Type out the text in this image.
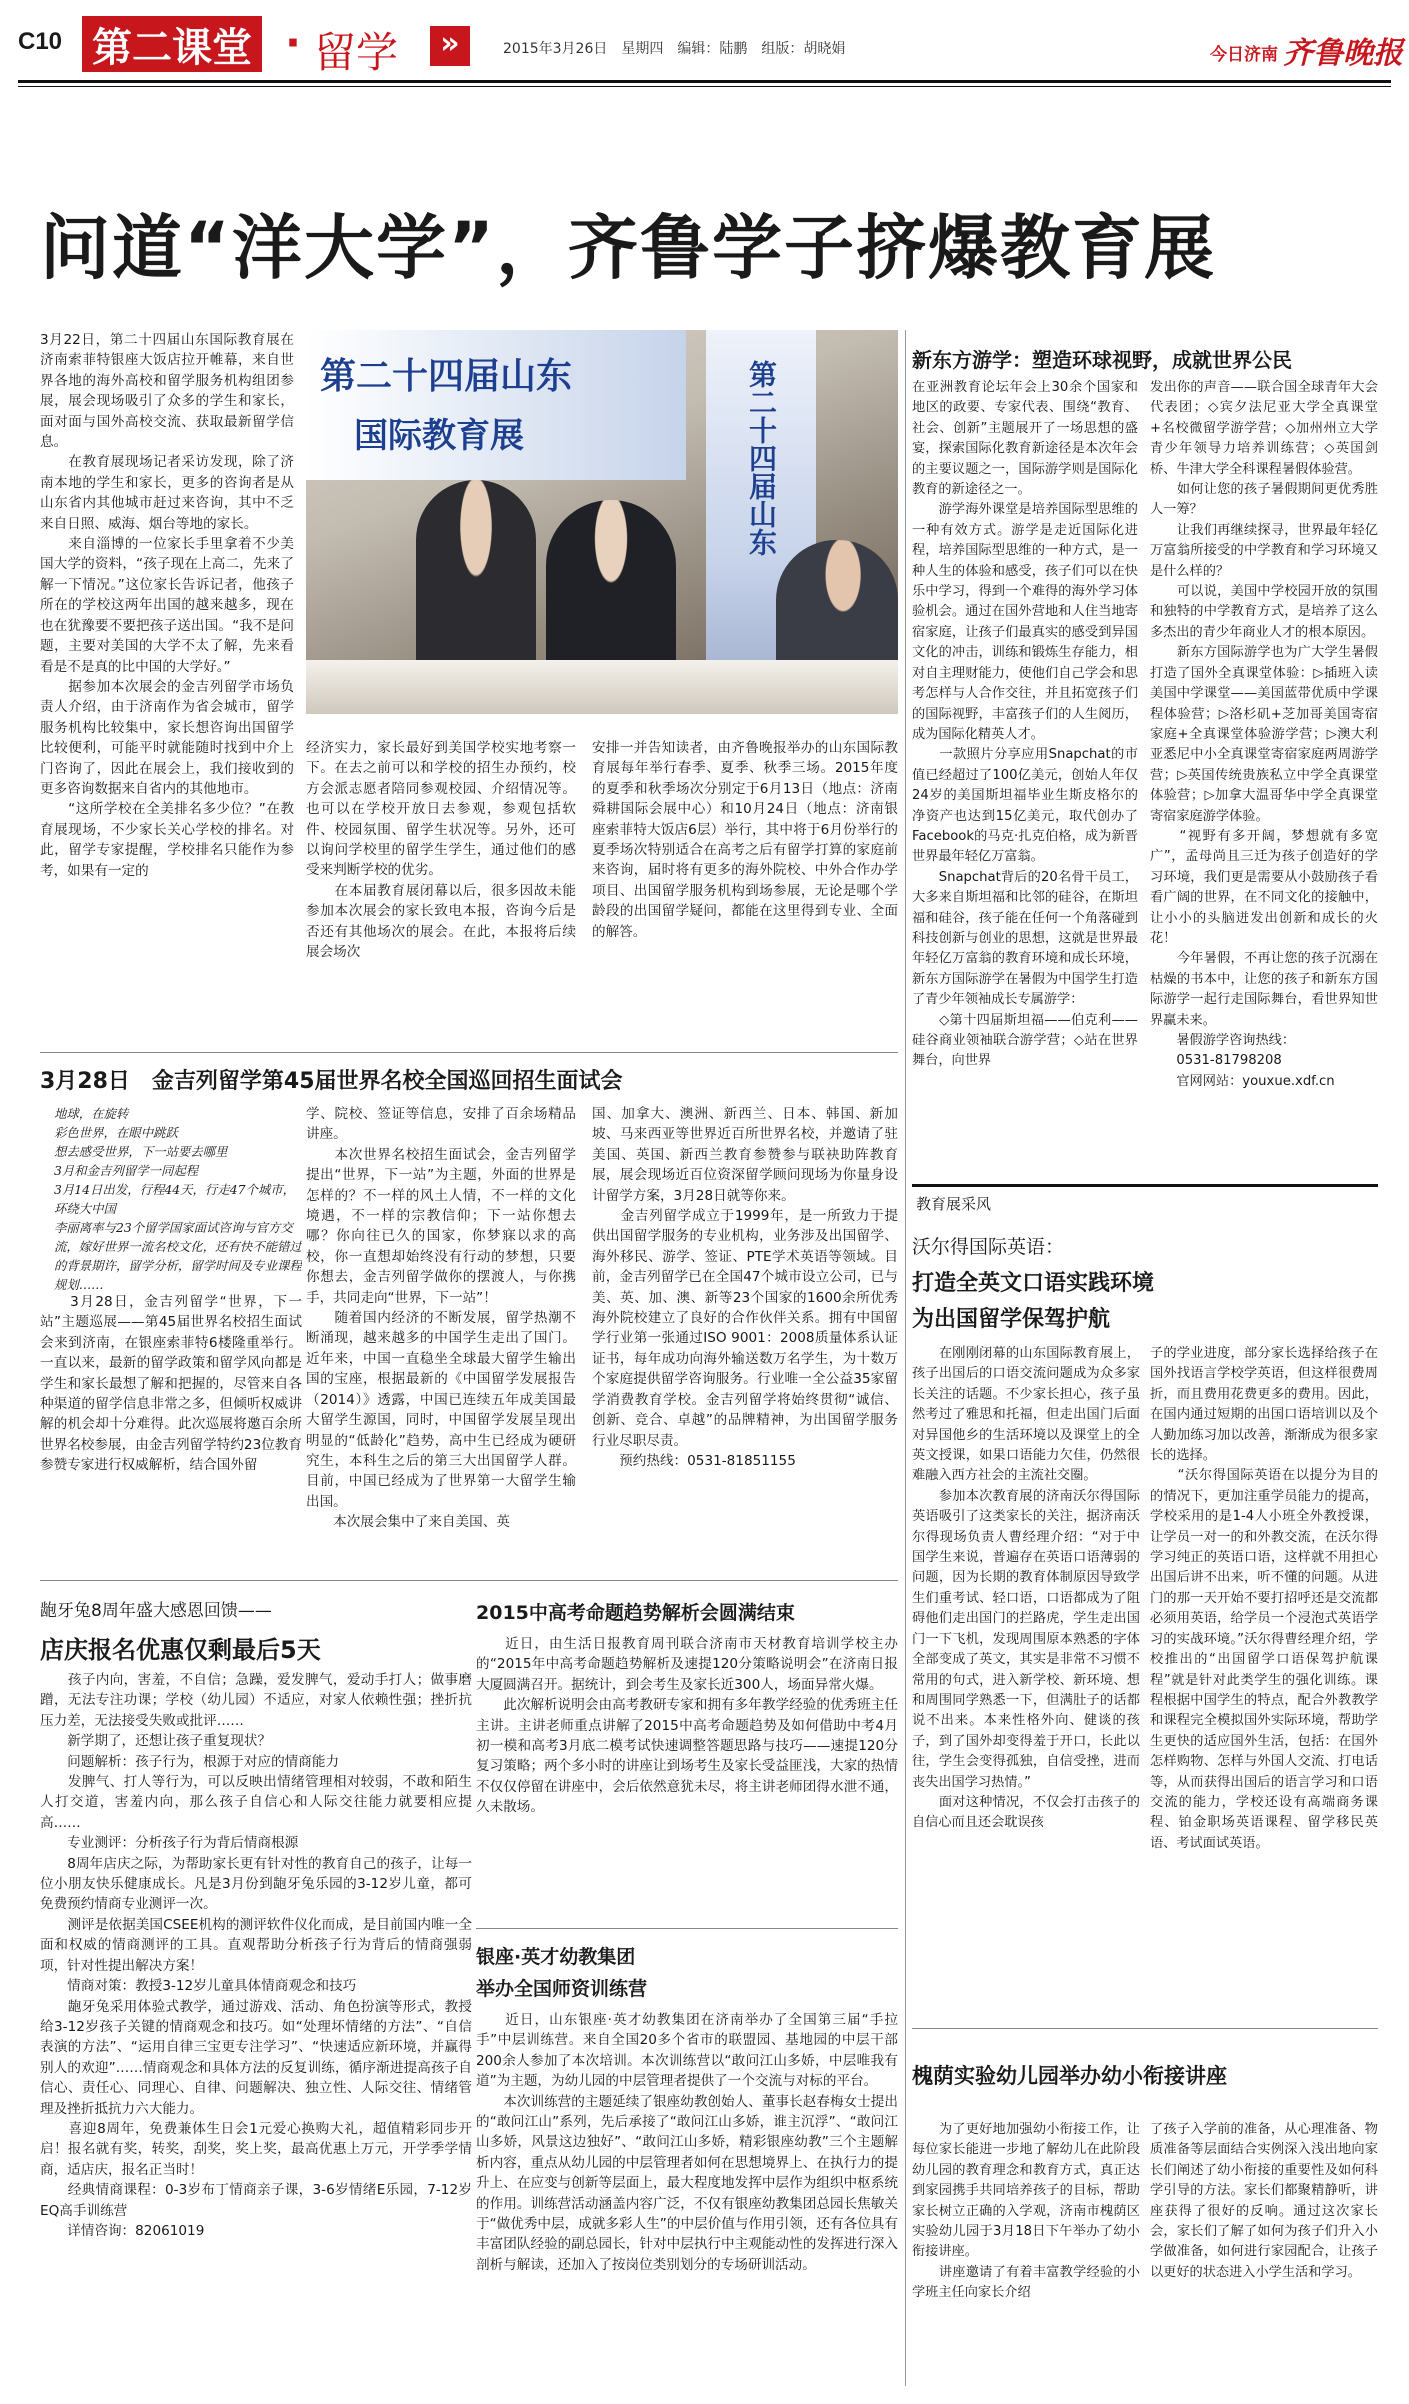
C10 第二课堂 · 留学	»	2015年3月26日　星期四　编辑：陆鹏　组版：胡晓娟	今日济南 齐鲁晚报
问道“洋大学”，齐鲁学子挤爆教育展
3月22日，第二十四届山东国际教育展在济南索菲特银座大饭店拉开帷幕，来自世界各地的海外高校和留学服务机构组团参展，展会现场吸引了众多的学生和家长，面对面与国外高校交流、获取最新留学信息。
　　在教育展现场记者采访发现，除了济南本地的学生和家长，更多的咨询者是从山东省内其他城市赶过来咨询，其中不乏来自日照、威海、烟台等地的家长。
　　来自淄博的一位家长手里拿着不少美国大学的资料，“孩子现在上高二，先来了解一下情况。”这位家长告诉记者，他孩子所在的学校这两年出国的越来越多，现在也在犹豫要不要把孩子送出国。“我不是问题，主要对美国的大学不太了解，先来看看是不是真的比中国的大学好。”
　　据参加本次展会的金吉列留学市场负责人介绍，由于济南作为省会城市，留学服务机构比较集中，家长想咨询出国留学比较便利，可能平时就能随时找到中介上门咨询了，因此在展会上，我们接收到的更多咨询数据来自省内的其他地市。
　　“这所学校在全美排名多少位？”在教育展现场，不少家长关心学校的排名。对此，留学专家提醒，学校排名只能作为参考，如果有一定的
第二十四届山东
国际教育展	第二十四届山东
经济实力，家长最好到美国学校实地考察一下。在去之前可以和学校的招生办预约，校方会派志愿者陪同参观校园、介绍情况等。也可以在学校开放日去参观，参观包括软件、校园氛围、留学生状况等。另外，还可以询问学校里的留学生学生，通过他们的感受来判断学校的优劣。
　　在本届教育展闭幕以后，很多因故未能参加本次展会的家长致电本报，咨询今后是否还有其他场次的展会。在此，本报将后续展会场次
安排一并告知读者，由齐鲁晚报举办的山东国际教育展每年举行春季、夏季、秋季三场。2015年度的夏季和秋季场次分别定于6月13日（地点：济南舜耕国际会展中心）和10月24日（地点：济南银座索菲特大饭店6层）举行，其中将于6月份举行的夏季场次特别适合在高考之后有留学打算的家庭前来咨询，届时将有更多的海外院校、中外合作办学项目、出国留学服务机构到场参展，无论是哪个学龄段的出国留学疑问，都能在这里得到专业、全面的解答。
新东方游学：塑造环球视野，成就世界公民
在亚洲教育论坛年会上30余个国家和地区的政要、专家代表、围绕“教育、社会、创新”主题展开了一场思想的盛宴，探索国际化教育新途径是本次年会的主要议题之一，国际游学则是国际化教育的新途径之一。
　　游学海外课堂是培养国际型思维的一种有效方式。游学是走近国际化进程，培养国际型思维的一种方式，是一种人生的体验和感受，孩子们可以在快乐中学习，得到一个难得的海外学习体验机会。通过在国外营地和人住当地寄宿家庭，让孩子们最真实的感受到异国文化的冲击，训练和锻炼生存能力，相对自主理财能力，使他们自己学会和思考怎样与人合作交往，并且拓宽孩子们的国际视野，丰富孩子们的人生阅历，成为国际化精英人才。
　　一款照片分享应用Snapchat的市值已经超过了100亿美元，创始人年仅24岁的美国斯坦福毕业生斯皮格尔的净资产也达到15亿美元，取代创办了Facebook的马克·扎克伯格，成为新晋世界最年轻亿万富翁。
　　Snapchat背后的20名骨干员工，大多来自斯坦福和比邻的硅谷，在斯坦福和硅谷，孩子能在任何一个角落碰到科技创新与创业的思想，这就是世界最年轻亿万富翁的教育环境和成长环境，新东方国际游学在暑假为中国学生打造了青少年领袖成长专属游学：
　　◇第十四届斯坦福——伯克利——硅谷商业领袖联合游学营；◇站在世界舞台，向世界
发出你的声音——联合国全球青年大会代表团；◇宾夕法尼亚大学全真课堂+名校微留学游学营；◇加州州立大学青少年领导力培养训练营；◇英国剑桥、牛津大学全科课程暑假体验营。
　　如何让您的孩子暑假期间更优秀胜人一筹？
　　让我们再继续探寻，世界最年轻亿万富翁所接受的中学教育和学习环境又是什么样的？
　　可以说，美国中学校园开放的氛围和独特的中学教育方式，是培养了这么多杰出的青少年商业人才的根本原因。
　　新东方国际游学也为广大学生暑假打造了国外全真课堂体验：▷插班入读美国中学课堂——美国蓝带优质中学课程体验营；▷洛杉矶+芝加哥美国寄宿家庭+全真课堂体验游学营；▷澳大利亚悉尼中小全真课堂寄宿家庭两周游学营；▷英国传统贵族私立中学全真课堂体验营；▷加拿大温哥华中学全真课堂寄宿家庭游学体验。
　　“视野有多开阔，梦想就有多宽广”，孟母尚且三迁为孩子创造好的学习环境，我们更是需要从小鼓励孩子看看广阔的世界，在不同文化的接触中，让小小的头脑迸发出创新和成长的火花！
　　今年暑假，不再让您的孩子沉溺在枯燥的书本中，让您的孩子和新东方国际游学一起行走国际舞台，看世界知世界赢未来。
　　暑假游学咨询热线：
　　0531-81798208
　　官网网站：youxue.xdf.cn
3月28日　金吉列留学第45届世界名校全国巡回招生面试会
地球，在旋转
彩色世界，在眼中跳跃
想去感受世界，下一站要去哪里
3月和金吉列留学一同起程
3月14日出发，行程44天，行走47个城市，环绕大中国
李丽离率与23个留学国家面试咨询与官方交流，嫁好世界一流名校文化，还有快不能错过的背景期许，留学分析，留学时间及专业课程规划……

　　3月28日，金吉列留学“世界，下一站”主题巡展——第45届世界名校招生面试会来到济南，在银座索菲特6楼隆重举行。一直以来，最新的留学政策和留学风向都是学生和家长最想了解和把握的，尽管来自各种渠道的留学信息非常之多，但倾听权威讲解的机会却十分难得。此次巡展将邀百余所世界名校参展，由金吉列留学特约23位教育参赞专家进行权威解析，结合国外留
学、院校、签证等信息，安排了百余场精品讲座。
　　本次世界名校招生面试会，金吉列留学提出“世界，下一站”为主题，外面的世界是怎样的？不一样的风土人情，不一样的文化境遇，不一样的宗教信仰；下一站你想去哪？你向往已久的国家，你梦寐以求的高校，你一直想却始终没有行动的梦想，只要你想去，金吉列留学做你的摆渡人，与你携手，共同走向“世界，下一站”！
　　随着国内经济的不断发展，留学热潮不断涌现，越来越多的中国学生走出了国门。近年来，中国一直稳坐全球最大留学生输出国的宝座，根据最新的《中国留学发展报告（2014）》透露，中国已连续五年成美国最大留学生源国，同时，中国留学发展呈现出明显的“低龄化”趋势，高中生已经成为硬研究生，本科生之后的第三大出国留学人群。目前，中国已经成为了世界第一大留学生输出国。
　　本次展会集中了来自美国、英
国、加拿大、澳洲、新西兰、日本、韩国、新加坡、马来西亚等世界近百所世界名校，并邀请了驻美国、英国、新西兰教育参赞参与联袂助阵教育展，展会现场近百位资深留学顾问现场为你量身设计留学方案，3月28日就等你来。
　　金吉列留学成立于1999年，是一所致力于提供出国留学服务的专业机构，业务涉及出国留学、海外移民、游学、签证、PTE学术英语等领域。目前，金吉列留学已在全国47个城市设立公司，已与美、英、加、澳、新等23个国家的1600余所优秀海外院校建立了良好的合作伙伴关系。拥有中国留学行业第一张通过ISO 9001：2008质量体系认证证书，每年成功向海外输送数万名学生，为十数万个家庭提供留学咨询服务。行业唯一全公益35家留学消费教育学校。金吉列留学将始终贯彻“诚信、创新、竞合、卓越”的品牌精神，为出国留学服务行业尽职尽责。
　　预约热线：0531-81851155
龅牙兔8周年盛大感恩回馈——
店庆报名优惠仅剩最后5天
　　孩子内向，害羞，不自信；急躁，爱发脾气，爱动手打人；做事磨蹭，无法专注功课；学校（幼儿园）不适应，对家人依赖性强；挫折抗压力差，无法接受失败或批评……
　　新学期了，还想让孩子重复现状？
　　问题解析：孩子行为，根源于对应的情商能力
　　发脾气、打人等行为，可以反映出情绪管理相对较弱，不敢和陌生人打交道，害羞内向，那么孩子自信心和人际交往能力就要相应提高……
　　专业测评：分析孩子行为背后情商根源
　　8周年店庆之际，为帮助家长更有针对性的教育自己的孩子，让每一位小朋友快乐健康成长。凡是3月份到龅牙兔乐园的3-12岁儿童，都可免费预约情商专业测评一次。
　　测评是依据美国CSEE机构的测评软件仪化而成，是目前国内唯一全面和权威的情商测评的工具。直观帮助分析孩子行为背后的情商强弱项，针对性提出解决方案！
　　情商对策：教授3-12岁儿童具体情商观念和技巧
　　龅牙兔采用体验式教学，通过游戏、活动、角色扮演等形式，教授给3-12岁孩子关键的情商观念和技巧。如“处理坏情绪的方法”、“自信表演的方法”、“运用自律三宝更专注学习”、“快速适应新环境，并赢得别人的欢迎”……情商观念和具体方法的反复训练，循序渐进提高孩子自信心、责任心、同理心、自律、问题解决、独立性、人际交往、情绪管理及挫折抵抗力六大能力。
　　喜迎8周年，免费兼体生日会1元爱心换购大礼，超值精彩同步开启！报名就有奖，转奖，刮奖，奖上奖，最高优惠上万元，开学季学情商，适店庆，报名正当时！
　　经典情商课程：0-3岁布丁情商亲子课，3-6岁情绪E乐园，7-12岁EQ高手训练营
　　详情咨询：82061019
2015中高考命题趋势解析会圆满结束
　　近日，由生活日报教育周刊联合济南市天材教育培训学校主办的“2015年中高考命题趋势解析及速提120分策略说明会”在济南日报大厦圆满召开。据统计，到会考生及家长近300人，场面异常火爆。
　　此次解析说明会由高考教研专家和拥有多年教学经验的优秀班主任主讲。主讲老师重点讲解了2015中高考命题趋势及如何借助中考4月初一模和高考3月底二模考试快速调整答题思路与技巧——速提120分复习策略；两个多小时的讲座让到场考生及家长受益匪浅，大家的热情不仅仅停留在讲座中，会后依然意犹未尽，将主讲老师团得水泄不通，久未散场。
银座·英才幼教集团
举办全国师资训练营
　　近日，山东银座·英才幼教集团在济南举办了全国第三届“手拉手”中层训练营。来自全国20多个省市的联盟园、基地园的中层干部200余人参加了本次培训。本次训练营以“敢问江山多娇，中层唯我有道”为主题，为幼儿园的中层管理者提供了一个交流与对标的平台。
　　本次训练营的主题延续了银座幼教创始人、董事长赵春梅女士提出的“敢问江山”系列，先后承接了“敢问江山多娇，谁主沉浮”、“敢问江山多娇，风景这边独好”、“敢问江山多娇，精彩银座幼教”三个主题解析内容，重点从幼儿园的中层管理者如何在思想境界上、在执行力的提升上、在应变与创新等层面上，最大程度地发挥中层作为组织中枢系统的作用。训练营活动涵盖内容广泛，不仅有银座幼教集团总园长焦敏关于“做优秀中层，成就多彩人生”的中层价值与作用引领，还有各位具有丰富团队经验的副总园长，针对中层执行中主观能动性的发挥进行深入剖析与解读，还加入了按岗位类别划分的专场研训活动。
教育展采风
沃尔得国际英语：
打造全英文口语实践环境
为出国留学保驾护航
　　在刚刚闭幕的山东国际教育展上，孩子出国后的口语交流问题成为众多家长关注的话题。不少家长担心，孩子虽然考过了雅思和托福，但走出国门后面对异国他乡的生活环境以及课堂上的全英文授课，如果口语能力欠佳，仍然很难融入西方社会的主流社交圈。
　　参加本次教育展的济南沃尔得国际英语吸引了这类家长的关注，据济南沃尔得现场负责人曹经理介绍：“对于中国学生来说，普遍存在英语口语薄弱的问题，因为长期的教育体制原因导致学生们重考试、轻口语，口语都成为了阻碍他们走出国门的拦路虎，学生走出国门一下飞机，发现周围原本熟悉的字体全部变成了英文，其实是非常不习惯不常用的句式，进入新学校、新环境、想和周围同学熟悉一下，但满肚子的话都说不出来。本来性格外向、健谈的孩子，到了国外却变得羞于开口，长此以往，学生会变得孤独，自信受挫，进而丧失出国学习热情。”
　　面对这种情况，不仅会打击孩子的自信心而且还会耽误孩
子的学业进度，部分家长选择给孩子在国外找语言学校学英语，但这样很费周折，而且费用花费更多的费用。因此，在国内通过短期的出国口语培训以及个人勤加练习加以改善，渐渐成为很多家长的选择。
　　“沃尔得国际英语在以提分为目的的情况下，更加注重学员能力的提高，学校采用的是1-4人小班全外教授课，让学员一对一的和外教交流，在沃尔得学习纯正的英语口语，这样就不用担心出国后讲不出来，听不懂的问题。从进门的那一天开始不要打招呼还是交流都必须用英语，给学员一个浸泡式英语学习的实战环境。”沃尔得曹经理介绍，学校推出的“出国留学口语保驾护航课程”就是针对此类学生的强化训练。课程根据中国学生的特点，配合外教教学和课程完全模拟国外实际环境，帮助学生更快的适应国外生活，包括：在国外怎样购物、怎样与外国人交流、打电话等，从而获得出国后的语言学习和口语交流的能力，学校还设有高端商务课程、铂金职场英语课程、留学移民英语、考试面试英语。
槐荫实验幼儿园举办幼小衔接讲座
　　为了更好地加强幼小衔接工作，让每位家长能进一步地了解幼儿在此阶段幼儿园的教育理念和教育方式，真正达到家园携手共同培养孩子的目标，帮助家长树立正确的入学观，济南市槐荫区实验幼儿园于3月18日下午举办了幼小衔接讲座。
　　讲座邀请了有着丰富教学经验的小学班主任向家长介绍
了孩子入学前的准备，从心理准备、物质准备等层面结合实例深入浅出地向家长们阐述了幼小衔接的重要性及如何科学引导的方法。家长们都聚精静听，讲座获得了很好的反响。通过这次家长会，家长们了解了如何为孩子们升入小学做准备，如何进行家园配合，让孩子以更好的状态进入小学生活和学习。
